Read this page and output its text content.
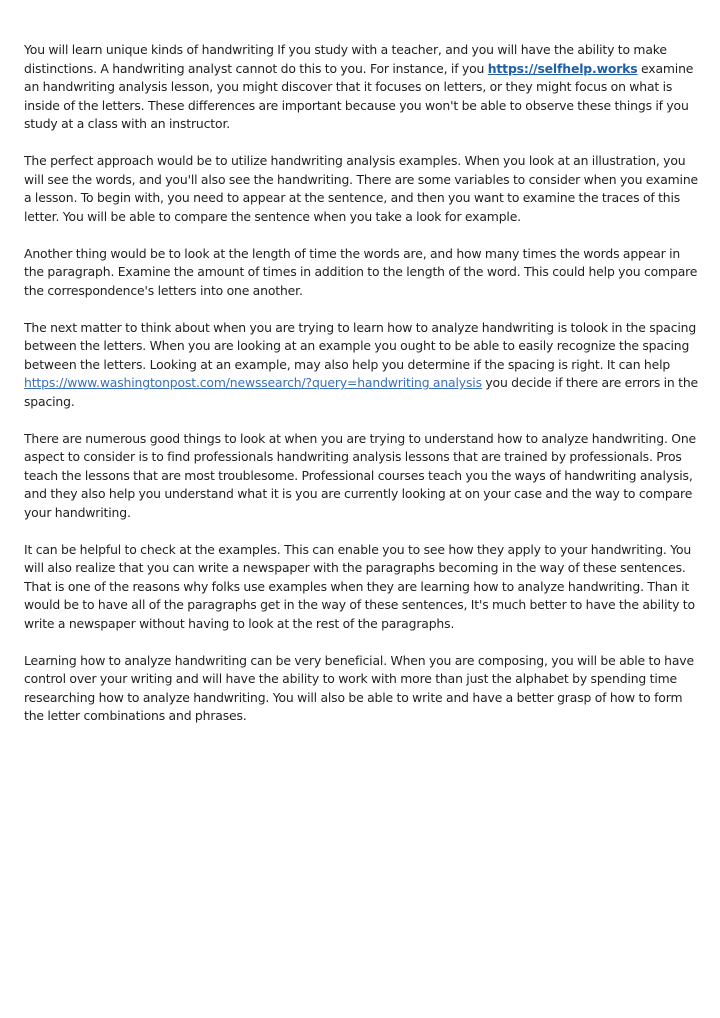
You will learn unique kinds of handwriting If you study with a teacher, and you will have the ability to make distinctions. A handwriting analyst cannot do this to you. For instance, if you https://selfhelp.works examine an handwriting analysis lesson, you might discover that it focuses on letters, or they might focus on what is inside of the letters. These differences are important because you won't be able to observe these things if you study at a class with an instructor.

The perfect approach would be to utilize handwriting analysis examples. When you look at an illustration, you will see the words, and you'll also see the handwriting. There are some variables to consider when you examine a lesson. To begin with, you need to appear at the sentence, and then you want to examine the traces of this letter. You will be able to compare the sentence when you take a look for example.

Another thing would be to look at the length of time the words are, and how many times the words appear in the paragraph. Examine the amount of times in addition to the length of the word. This could help you compare the correspondence's letters into one another.

The next matter to think about when you are trying to learn how to analyze handwriting is tolook in the spacing between the letters. When you are looking at an example you ought to be able to easily recognize the spacing between the letters. Looking at an example, may also help you determine if the spacing is right. It can help https://www.washingtonpost.com/newssearch/?query=handwriting analysis you decide if there are errors in the spacing.

There are numerous good things to look at when you are trying to understand how to analyze handwriting. One aspect to consider is to find professionals handwriting analysis lessons that are trained by professionals. Pros teach the lessons that are most troublesome. Professional courses teach you the ways of handwriting analysis, and they also help you understand what it is you are currently looking at on your case and the way to compare your handwriting.

It can be helpful to check at the examples. This can enable you to see how they apply to your handwriting. You will also realize that you can write a newspaper with the paragraphs becoming in the way of these sentences. That is one of the reasons why folks use examples when they are learning how to analyze handwriting. Than it would be to have all of the paragraphs get in the way of these sentences, It's much better to have the ability to write a newspaper without having to look at the rest of the paragraphs.

Learning how to analyze handwriting can be very beneficial. When you are composing, you will be able to have control over your writing and will have the ability to work with more than just the alphabet by spending time researching how to analyze handwriting. You will also be able to write and have a better grasp of how to form the letter combinations and phrases.
